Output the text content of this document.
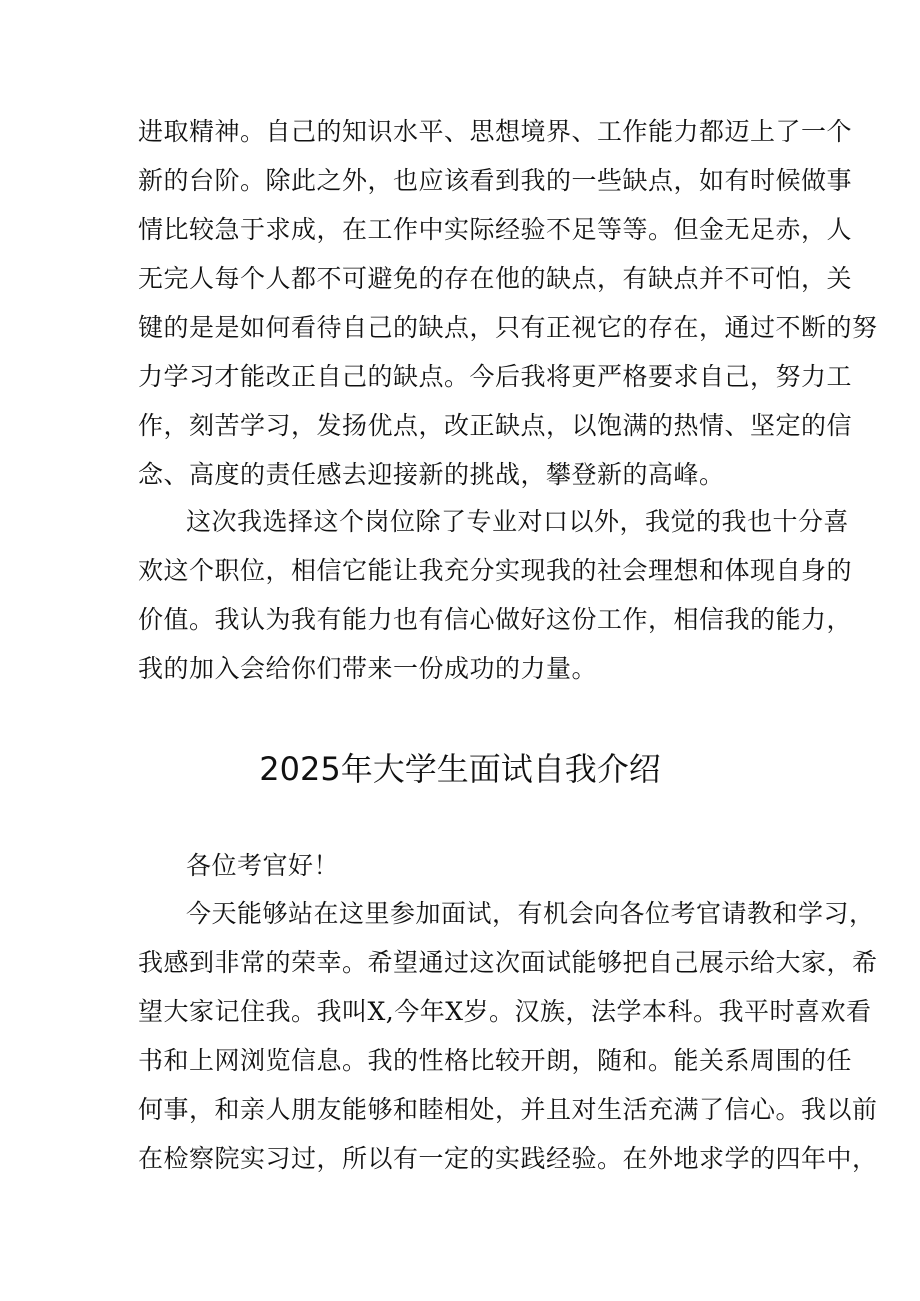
进取精神。自己的知识水平、思想境界、工作能力都迈上了一个
新的台阶。除此之外，也应该看到我的一些缺点，如有时候做事
情比较急于求成，在工作中实际经验不足等等。但金无足赤，人
无完人每个人都不可避免的存在他的缺点，有缺点并不可怕，关
键的是是如何看待自己的缺点，只有正视它的存在，通过不断的努
力学习才能改正自己的缺点。今后我将更严格要求自己，努力工
作，刻苦学习，发扬优点，改正缺点，以饱满的热情、坚定的信
念、高度的责任感去迎接新的挑战，攀登新的高峰。
这次我选择这个岗位除了专业对口以外，我觉的我也十分喜
欢这个职位，相信它能让我充分实现我的社会理想和体现自身的
价值。我认为我有能力也有信心做好这份工作，相信我的能力，
我的加入会给你们带来一份成功的力量。
2025年大学生面试自我介绍
各位考官好！
今天能够站在这里参加面试，有机会向各位考官请教和学习，
我感到非常的荣幸。希望通过这次面试能够把自己展示给大家，希
望大家记住我。我叫X,今年X岁。汉族，法学本科。我平时喜欢看
书和上网浏览信息。我的性格比较开朗，随和。能关系周围的任
何事，和亲人朋友能够和睦相处，并且对生活充满了信心。我以前
在检察院实习过，所以有一定的实践经验。在外地求学的四年中，
